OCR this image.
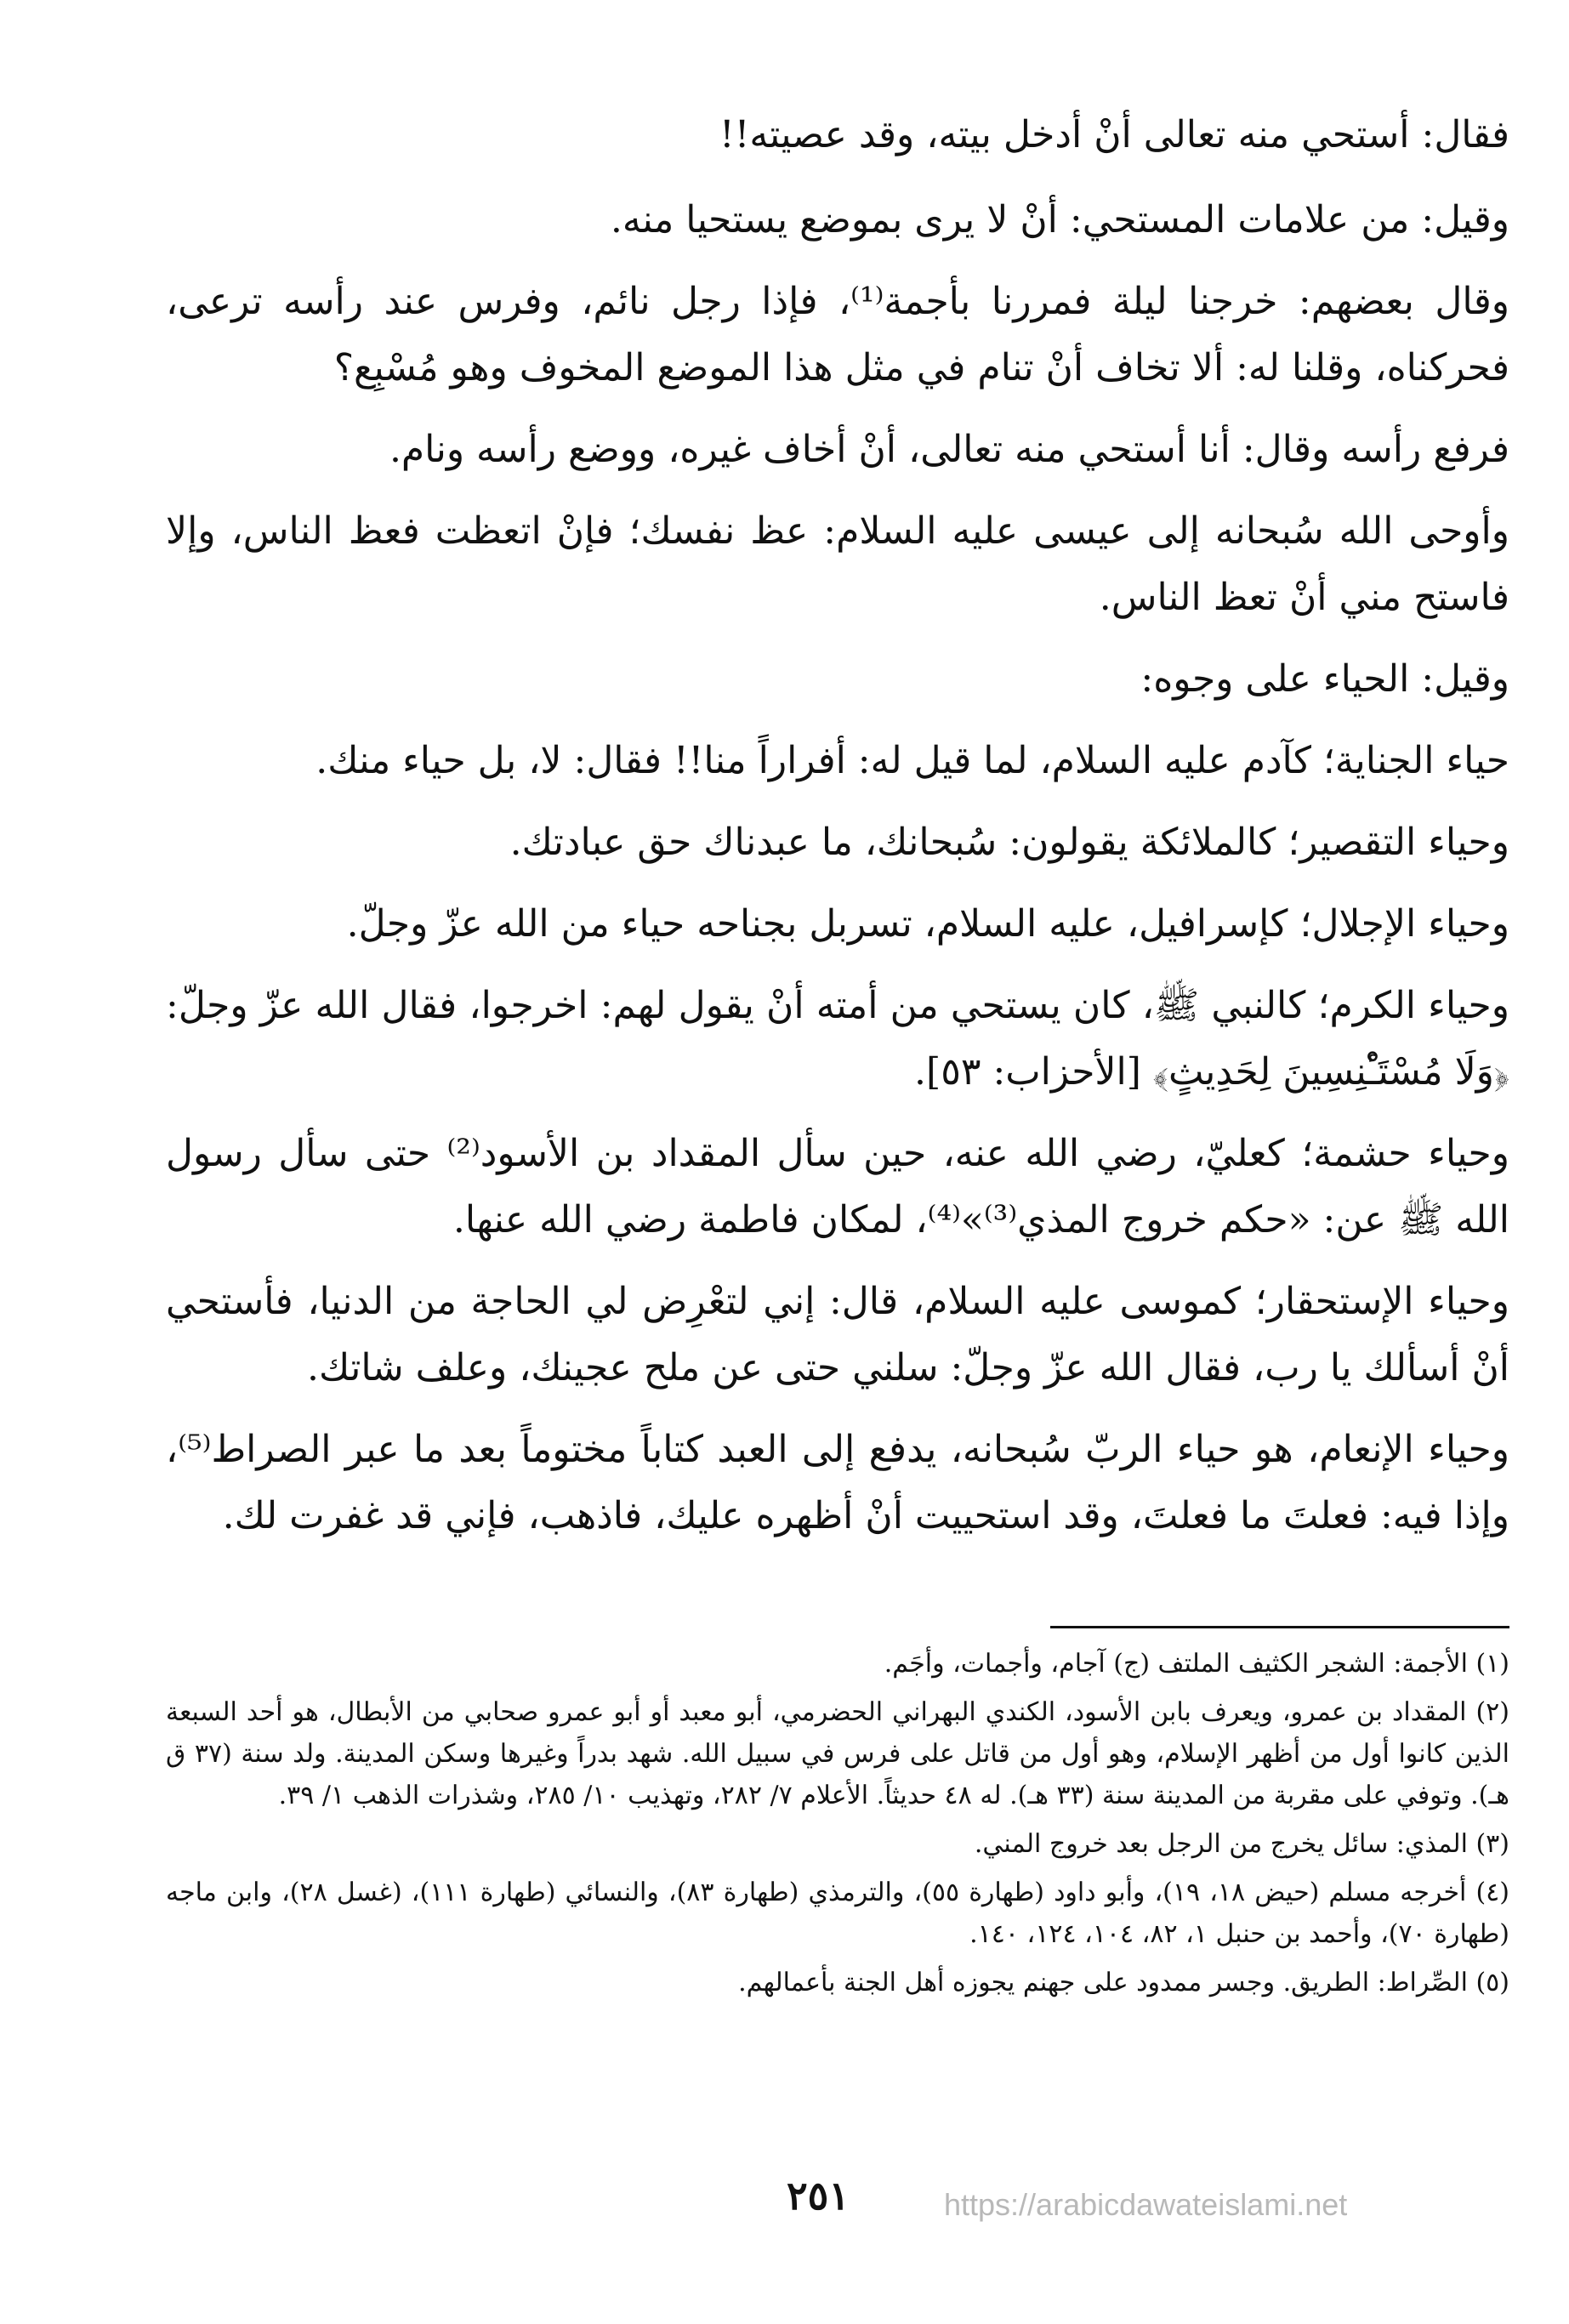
فقال: أستحي منه تعالى أنْ أدخل بيته، وقد عصيته!!

وقيل: من علامات المستحي: أنْ لا يرى بموضع يستحيا منه.

وقال بعضهم: خرجنا ليلة فمررنا بأجمة⁽¹⁾، فإذا رجل نائم، وفرس عند رأسه ترعى، فحركناه، وقلنا له: ألا تخاف أنْ تنام في مثل هذا الموضع المخوف وهو مُسْبِع؟

فرفع رأسه وقال: أنا أستحي منه تعالى، أنْ أخاف غيره، ووضع رأسه ونام.

وأوحى الله سُبحانه إلى عيسى عليه السلام: عظ نفسك؛ فإنْ اتعظت فعظ الناس، وإلا فاستح مني أنْ تعظ الناس.

وقيل: الحياء على وجوه:

حياء الجناية؛ كآدم عليه السلام، لما قيل له: أفراراً منا!! فقال: لا، بل حياء منك.

وحياء التقصير؛ كالملائكة يقولون: سُبحانك، ما عبدناك حق عبادتك.

وحياء الإجلال؛ كإسرافيل، عليه السلام، تسربل بجناحه حياء من الله عزّ وجلّ.

وحياء الكرم؛ كالنبي ﷺ، كان يستحي من أمته أنْ يقول لهم: اخرجوا، فقال الله عزّ وجلّ: ﴿وَلَا مُسْتَـْٔنِسِينَ لِحَدِيثٍ﴾ [الأحزاب: ٥٣].

وحياء حشمة؛ كعليّ، رضي الله عنه، حين سأل المقداد بن الأسود⁽²⁾ حتى سأل رسول الله ﷺ عن: «حكم خروج المذي⁽³⁾»⁽⁴⁾، لمكان فاطمة رضي الله عنها.

وحياء الإستحقار؛ كموسى عليه السلام، قال: إني لتعْرِض لي الحاجة من الدنيا، فأستحي أنْ أسألك يا رب، فقال الله عزّ وجلّ: سلني حتى عن ملح عجينك، وعلف شاتك.

وحياء الإنعام، هو حياء الربّ سُبحانه، يدفع إلى العبد كتاباً مختوماً بعد ما عبر الصراط⁽⁵⁾، وإذا فيه: فعلتَ ما فعلتَ، وقد استحييت أنْ أظهره عليك، فاذهب، فإني قد غفرت لك.

(١) الأجمة: الشجر الكثيف الملتف (ج) آجام، وأجمات، وأجَم.

(٢) المقداد بن عمرو، ويعرف بابن الأسود، الكندي البهراني الحضرمي، أبو معبد أو أبو عمرو صحابي من الأبطال، هو أحد السبعة الذين كانوا أول من أظهر الإسلام، وهو أول من قاتل على فرس في سبيل الله. شهد بدراً وغيرها وسكن المدينة. ولد سنة (٣٧ ق هـ). وتوفي على مقربة من المدينة سنة (٣٣ هـ). له ٤٨ حديثاً. الأعلام ٧/ ٢٨٢، وتهذيب ١٠/ ٢٨٥، وشذرات الذهب ١/ ٣٩.

(٣) المذي: سائل يخرج من الرجل بعد خروج المني.

(٤) أخرجه مسلم (حيض ١٨، ١٩)، وأبو داود (طهارة ٥٥)، والترمذي (طهارة ٨٣)، والنسائي (طهارة ١١١)، (غسل ٢٨)، وابن ماجه (طهارة ٧٠)، وأحمد بن حنبل ١، ٨٢، ١٠٤، ١٢٤، ١٤٠.

(٥) الصِّراط: الطريق. وجسر ممدود على جهنم يجوزه أهل الجنة بأعمالهم.

٢٥١	https://arabicdawateislami.net
